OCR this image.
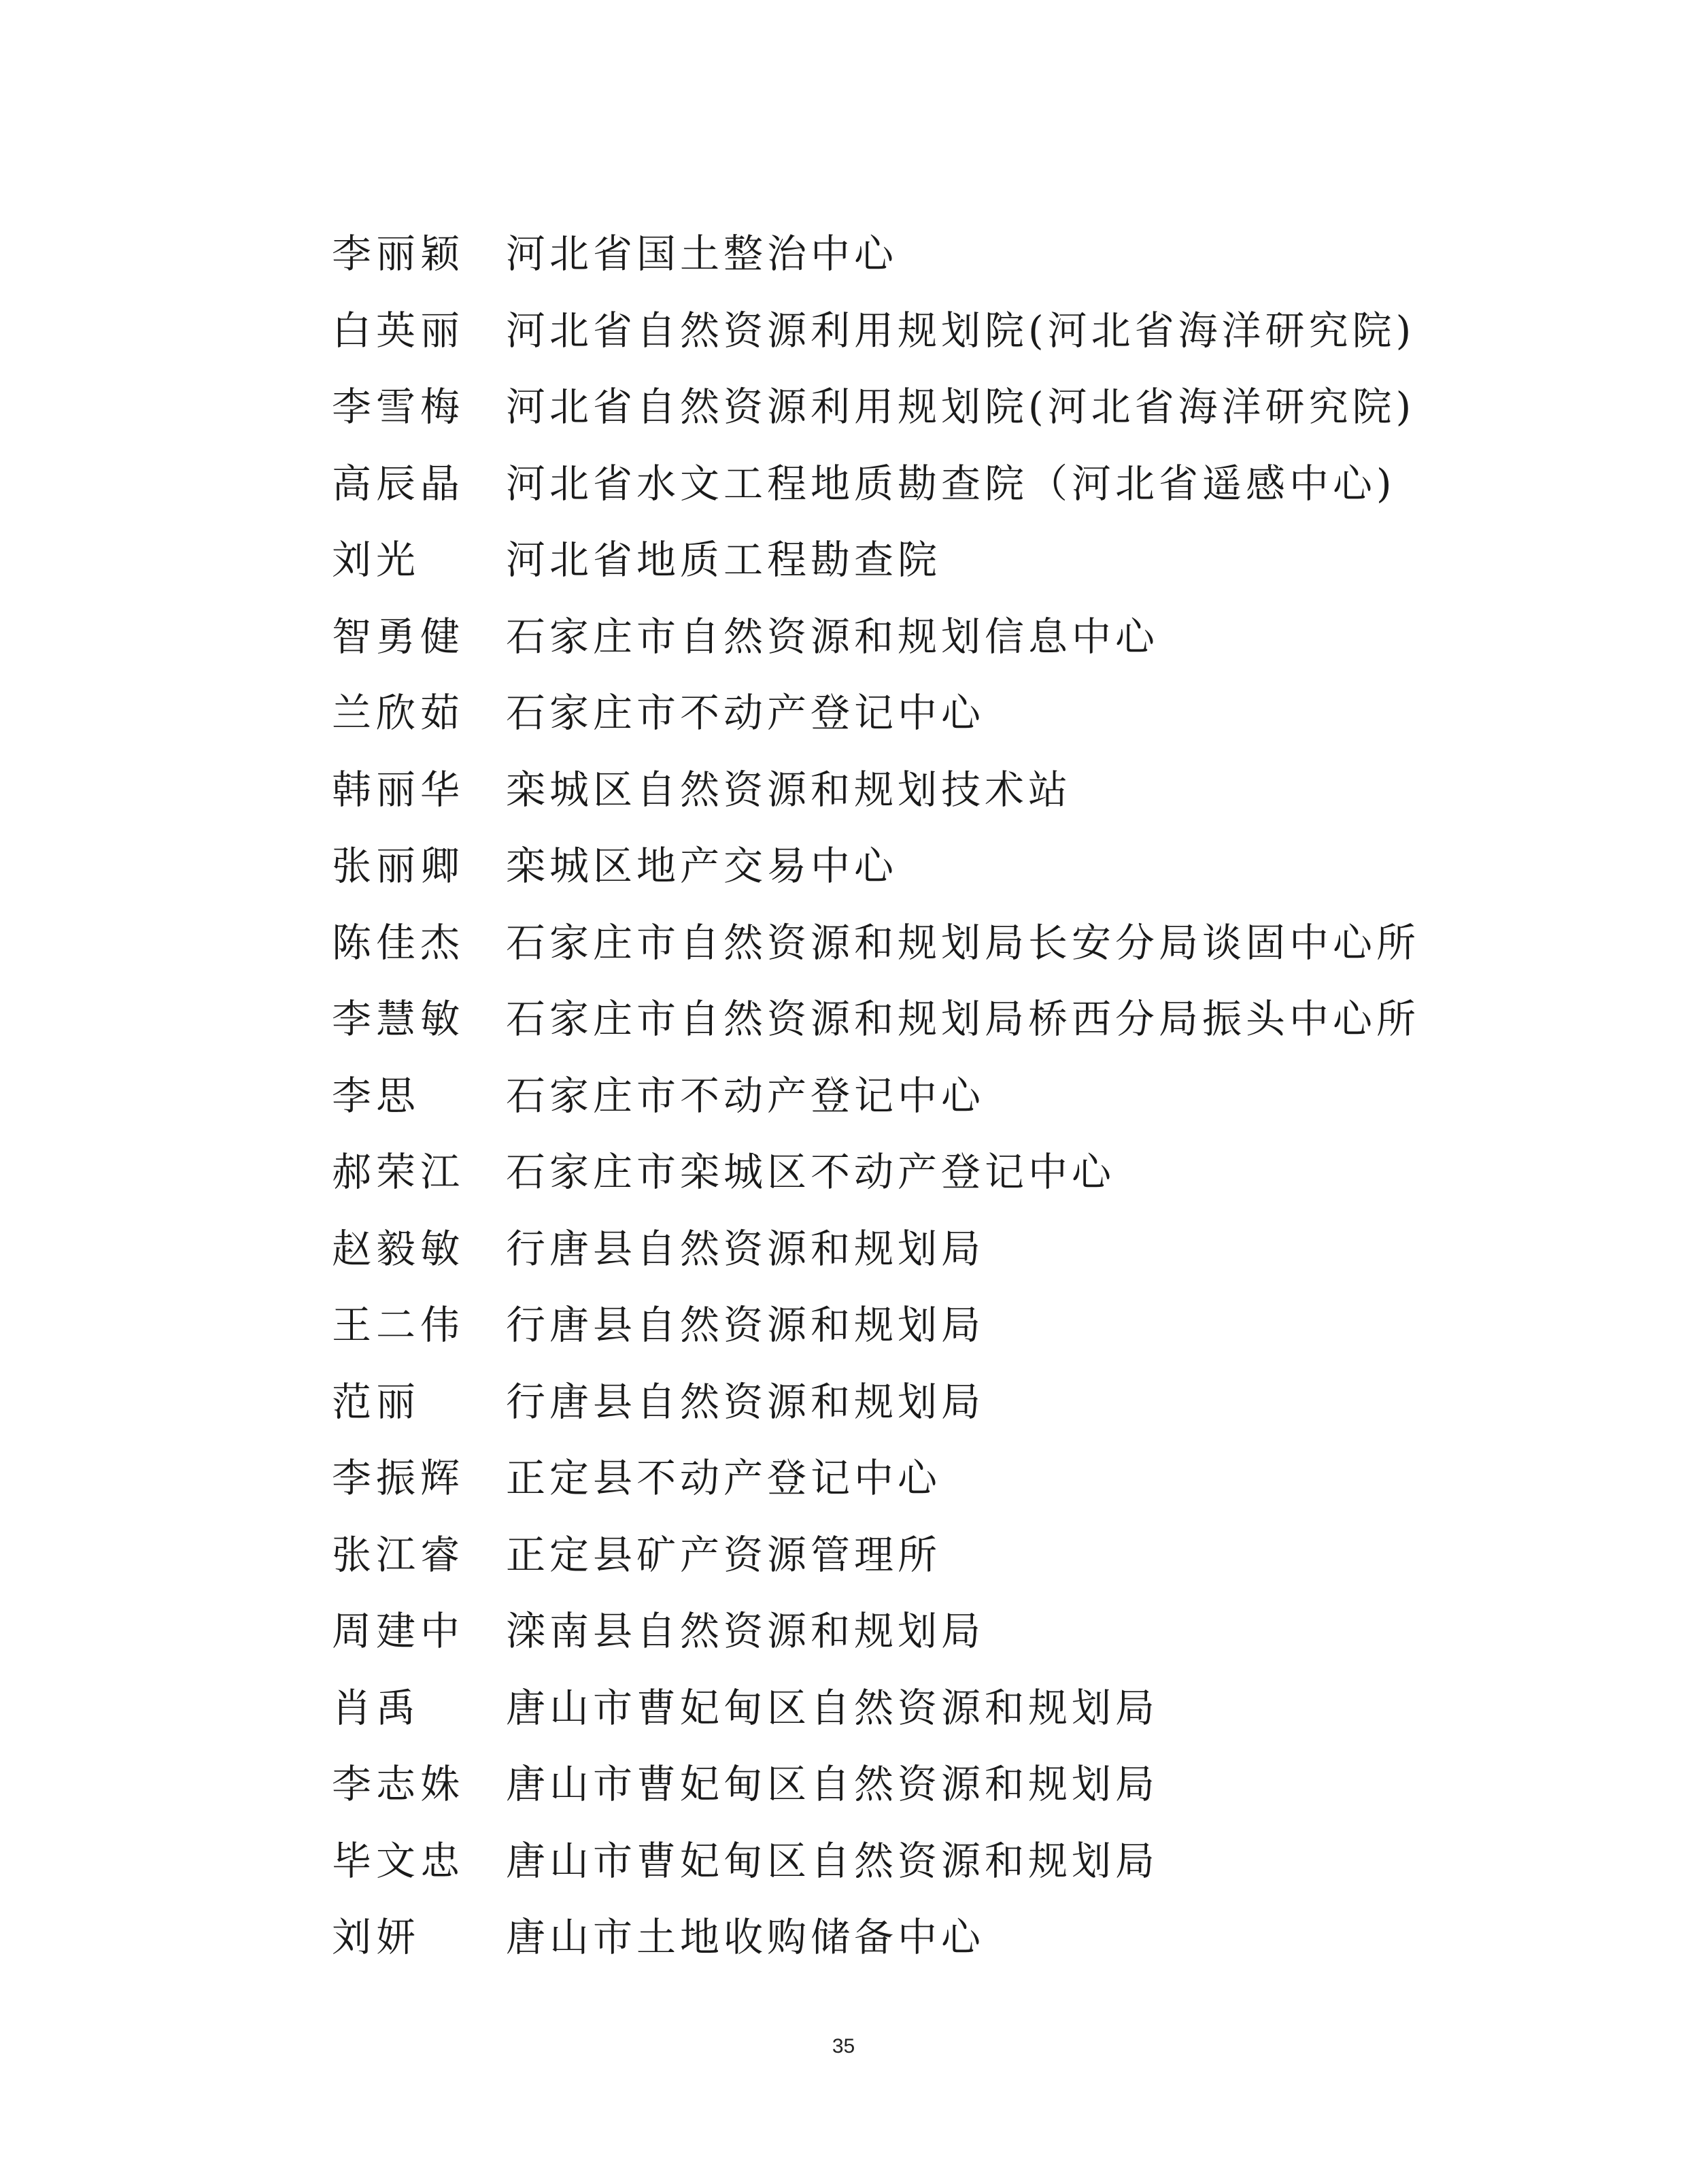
李丽颖	河北省国土整治中心
白英丽	河北省自然资源利用规划院(河北省海洋研究院)
李雪梅	河北省自然资源利用规划院(河北省海洋研究院)
高辰晶	河北省水文工程地质勘查院（河北省遥感中心)
刘光	河北省地质工程勘查院
智勇健	石家庄市自然资源和规划信息中心
兰欣茹	石家庄市不动产登记中心
韩丽华	栾城区自然资源和规划技术站
张丽卿	栾城区地产交易中心
陈佳杰	石家庄市自然资源和规划局长安分局谈固中心所
李慧敏	石家庄市自然资源和规划局桥西分局振头中心所
李思	石家庄市不动产登记中心
郝荣江	石家庄市栾城区不动产登记中心
赵毅敏	行唐县自然资源和规划局
王二伟	行唐县自然资源和规划局
范丽	行唐县自然资源和规划局
李振辉	正定县不动产登记中心
张江睿	正定县矿产资源管理所
周建中	滦南县自然资源和规划局
肖禹	唐山市曹妃甸区自然资源和规划局
李志姝	唐山市曹妃甸区自然资源和规划局
毕文忠	唐山市曹妃甸区自然资源和规划局
刘妍	唐山市土地收购储备中心
35
